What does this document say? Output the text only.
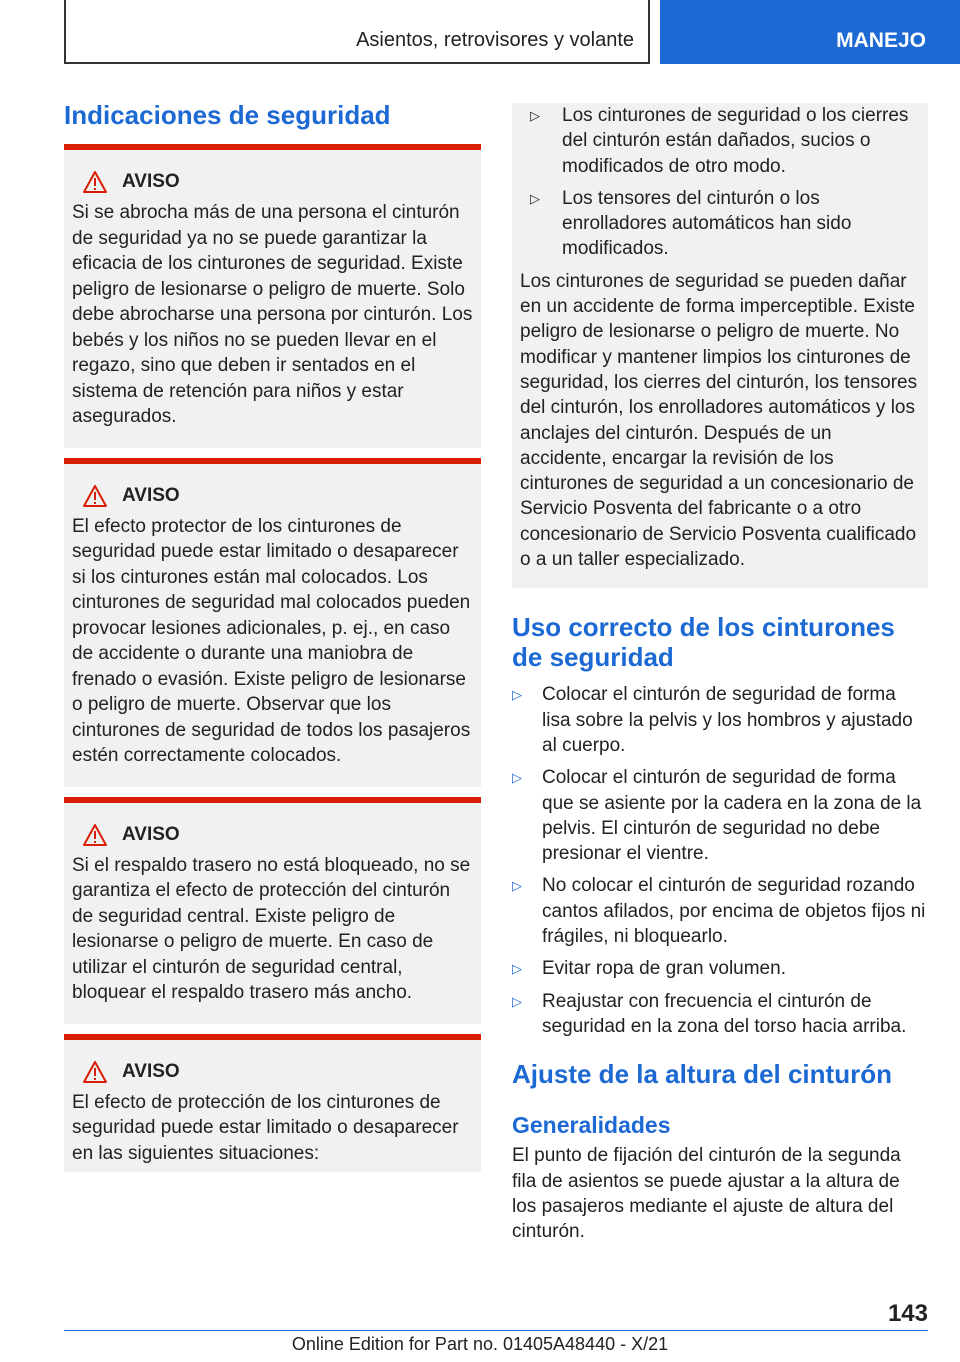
Asientos, retrovisores y volante	MANEJO
Indicaciones de seguridad
AVISO
Si se abrocha más de una persona el cinturón de seguridad ya no se puede garantizar la eficacia de los cinturones de seguridad. Existe peligro de lesionarse o peligro de muerte. Solo debe abrocharse una persona por cinturón. Los bebés y los niños no se pueden llevar en el regazo, sino que deben ir sentados en el sistema de retención para niños y estar asegurados.
AVISO
El efecto protector de los cinturones de seguridad puede estar limitado o desaparecer si los cinturones están mal colocados. Los cinturones de seguridad mal colocados pueden provocar lesiones adicionales, p. ej., en caso de accidente o durante una maniobra de frenado o evasión. Existe peligro de lesionarse o peligro de muerte. Observar que los cinturones de seguridad de todos los pasajeros estén correctamente colocados.
AVISO
Si el respaldo trasero no está bloqueado, no se garantiza el efecto de protección del cinturón de seguridad central. Existe peligro de lesionarse o peligro de muerte. En caso de utilizar el cinturón de seguridad central, bloquear el respaldo trasero más ancho.
AVISO
El efecto de protección de los cinturones de seguridad puede estar limitado o desaparecer en las siguientes situaciones:
▷	Los cinturones de seguridad o los cierres del cinturón están dañados, sucios o modificados de otro modo.
▷	Los tensores del cinturón o los enrolladores automáticos han sido modificados.

Los cinturones de seguridad se pueden dañar en un accidente de forma imperceptible. Existe peligro de lesionarse o peligro de muerte. No modificar y mantener limpios los cinturones de seguridad, los cierres del cinturón, los tensores del cinturón, los enrolladores automáticos y los anclajes del cinturón. Después de un accidente, encargar la revisión de los cinturones de seguridad a un concesionario de Servicio Posventa del fabricante o a otro concesionario de Servicio Posventa cualificado o a un taller especializado.

Uso correcto de los cinturones de seguridad
▷	Colocar el cinturón de seguridad de forma lisa sobre la pelvis y los hombros y ajustado al cuerpo.
▷	Colocar el cinturón de seguridad de forma que se asiente por la cadera en la zona de la pelvis. El cinturón de seguridad no debe presionar el vientre.
▷	No colocar el cinturón de seguridad rozando cantos afilados, por encima de objetos fijos ni frágiles, ni bloquearlo.
▷	Evitar ropa de gran volumen.
▷	Reajustar con frecuencia el cinturón de seguridad en la zona del torso hacia arriba.
Ajuste de la altura del cinturón
Generalidades

El punto de fijación del cinturón de la segunda fila de asientos se puede ajustar a la altura de los pasajeros mediante el ajuste de altura del cinturón.

143
Online Edition for Part no. 01405A48440 - X/21
